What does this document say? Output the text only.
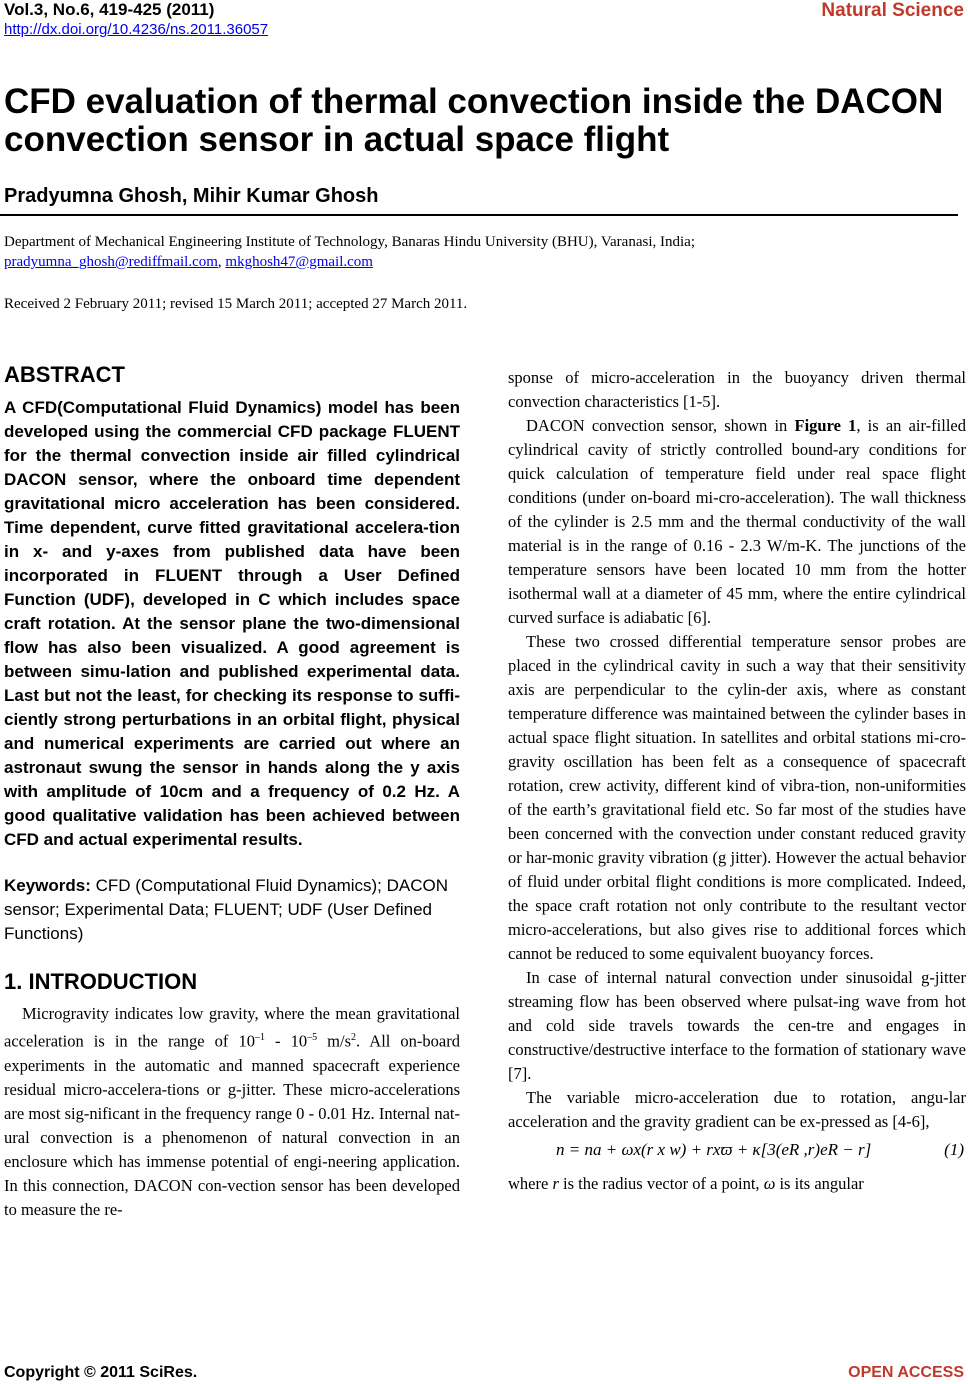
Vol.3, No.6, 419-425 (2011)
http://dx.doi.org/10.4236/ns.2011.36057
Natural Science
CFD evaluation of thermal convection inside the DACON convection sensor in actual space flight
Pradyumna Ghosh, Mihir Kumar Ghosh
Department of Mechanical Engineering Institute of Technology, Banaras Hindu University (BHU), Varanasi, India;
pradyumna_ghosh@rediffmail.com, mkghosh47@gmail.com
Received 2 February 2011; revised 15 March 2011; accepted 27 March 2011.
ABSTRACT

A CFD(Computational Fluid Dynamics) model has been developed using the commercial CFD package FLUENT for the thermal convection inside air filled cylindrical DACON sensor, where the onboard time dependent gravitational micro acceleration has been considered. Time dependent, curve fitted gravitational accelera-tion in x- and y-axes from published data have been incorporated in FLUENT through a User Defined Function (UDF), developed in C which includes space craft rotation. At the sensor plane the two-dimensional flow has also been visualized. A good agreement is between simu-lation and published experimental data. Last but not the least, for checking its response to suffi-ciently strong perturbations in an orbital flight, physical and numerical experiments are carried out where an astronaut swung the sensor in hands along the y axis with amplitude of 10cm and a frequency of 0.2 Hz. A good qualitative validation has been achieved between CFD and actual experimental results.

Keywords: CFD (Computational Fluid Dynamics); DACON sensor; Experimental Data; FLUENT; UDF (User Defined Functions)

1. INTRODUCTION

Microgravity indicates low gravity, where the mean gravitational acceleration is in the range of $10^{-1} - 10^{-5}$ $m/s^2$. All on-board experiments in the automatic and manned spacecraft experience residual micro-accelera-tions or g-jitter. These micro-accelerations are most sig-nificant in the frequency range 0 - 0.01 Hz. Internal nat-ural convection is a phenomenon of natural convection in an enclosure which has immense potential of engi-neering application. In this connection, DACON con-vection sensor has been developed to measure the re-

sponse of micro-acceleration in the buoyancy driven thermal convection characteristics [1-5].

DACON convection sensor, shown in Figure 1, is an air-filled cylindrical cavity of strictly controlled bound-ary conditions for quick calculation of temperature field under real space flight conditions (under on-board mi-cro-acceleration). The wall thickness of the cylinder is 2.5 mm and the thermal conductivity of the wall material is in the range of 0.16 - 2.3 W/m-K. The junctions of the temperature sensors have been located 10 mm from the hotter isothermal wall at a diameter of 45 mm, where the entire cylindrical curved surface is adiabatic [6].

These two crossed differential temperature sensor probes are placed in the cylindrical cavity in such a way that their sensitivity axis are perpendicular to the cylin-der axis, where as constant temperature difference was maintained between the cylinder bases in actual space flight situation. In satellites and orbital stations mi-cro-gravity oscillation has been felt as a consequence of spacecraft rotation, crew activity, different kind of vibra-tion, non-uniformities of the earth’s gravitational field etc. So far most of the studies have been concerned with the convection under constant reduced gravity or har-monic gravity vibration (g jitter). However the actual behavior of fluid under orbital flight conditions is more complicated. Indeed, the space craft rotation not only contribute to the resultant vector micro-accelerations, but also gives rise to additional forces which cannot be reduced to some equivalent buoyancy forces.

In case of internal natural convection under sinusoidal g-jitter streaming flow has been observed where pulsat-ing wave from hot and cold side travels towards the cen-tre and engages in constructive/destructive interface to the formation of stationary wave [7].

The variable micro-acceleration due to rotation, angu-lar acceleration and the gravity gradient can be ex-pressed as [4-6],

n = na + ωx(r x w) + rxϖ + κ[3(eR ,r)eR − r]	(1)

where r is the radius vector of a point, ω is its angular

Copyright © 2011 SciRes.	OPEN ACCESS
